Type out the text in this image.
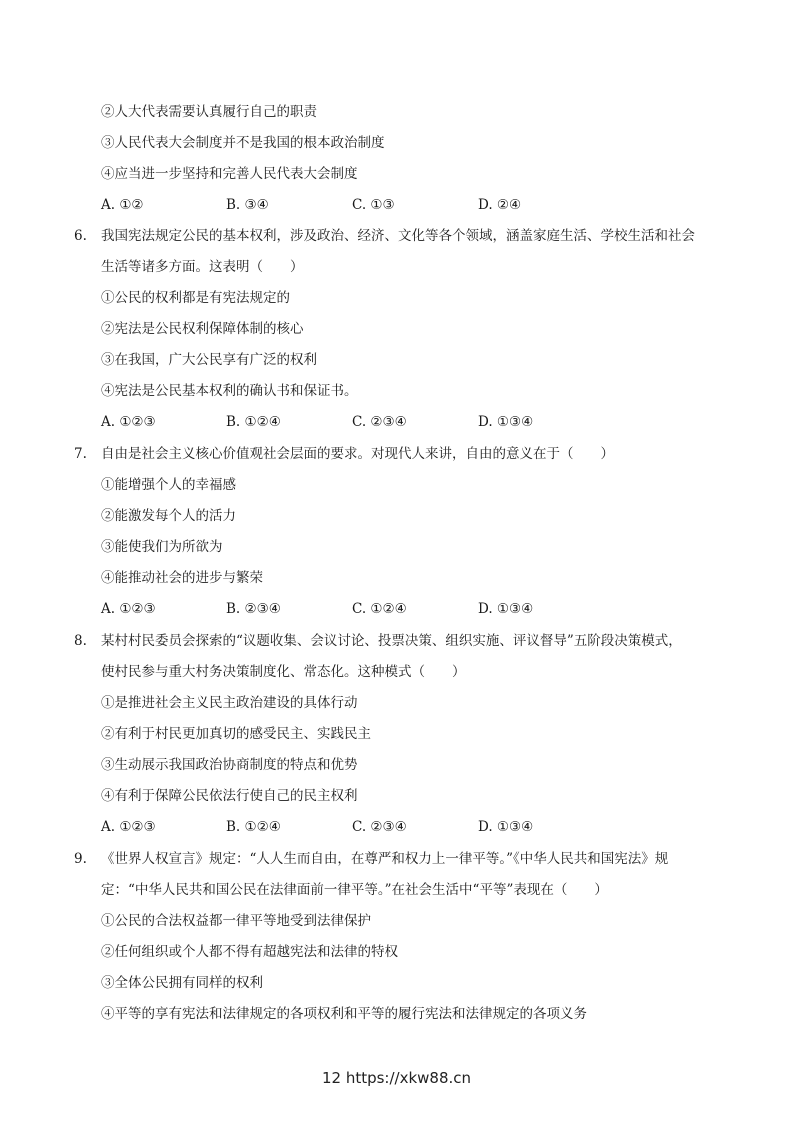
②人大代表需要认真履行自己的职责
③人民代表大会制度并不是我国的根本政治制度
④应当进一步坚持和完善人民代表大会制度
A. ①②	B. ③④	C. ①③	D. ②④
6. 我国宪法规定公民的基本权利，涉及政治、经济、文化等各个领域，涵盖家庭生活、学校生活和社会
生活等诸多方面。这表明（　　）
①公民的权利都是有宪法规定的
②宪法是公民权利保障体制的核心
③在我国，广大公民享有广泛的权利
④宪法是公民基本权利的确认书和保证书。
A. ①②③	B. ①②④	C. ②③④	D. ①③④
7. 自由是社会主义核心价值观社会层面的要求。对现代人来讲，自由的意义在于（　　）
①能增强个人的幸福感
②能激发每个人的活力
③能使我们为所欲为
④能推动社会的进步与繁荣
A. ①②③	B. ②③④	C. ①②④	D. ①③④
8. 某村村民委员会探索的“议题收集、会议讨论、投票决策、组织实施、评议督导”五阶段决策模式，
使村民参与重大村务决策制度化、常态化。这种模式（　　）
①是推进社会主义民主政治建设的具体行动
②有利于村民更加真切的感受民主、实践民主
③生动展示我国政治协商制度的特点和优势
④有利于保障公民依法行使自己的民主权利
A. ①②③	B. ①②④	C. ②③④	D. ①③④
9. 《世界人权宣言》规定：“人人生而自由，在尊严和权力上一律平等。”《中华人民共和国宪法》规
定：“中华人民共和国公民在法律面前一律平等。”在社会生活中“平等”表现在（　　）
①公民的合法权益都一律平等地受到法律保护
②任何组织或个人都不得有超越宪法和法律的特权
③全体公民拥有同样的权利
④平等的享有宪法和法律规定的各项权利和平等的履行宪法和法律规定的各项义务
12 https://xkw88.cn
